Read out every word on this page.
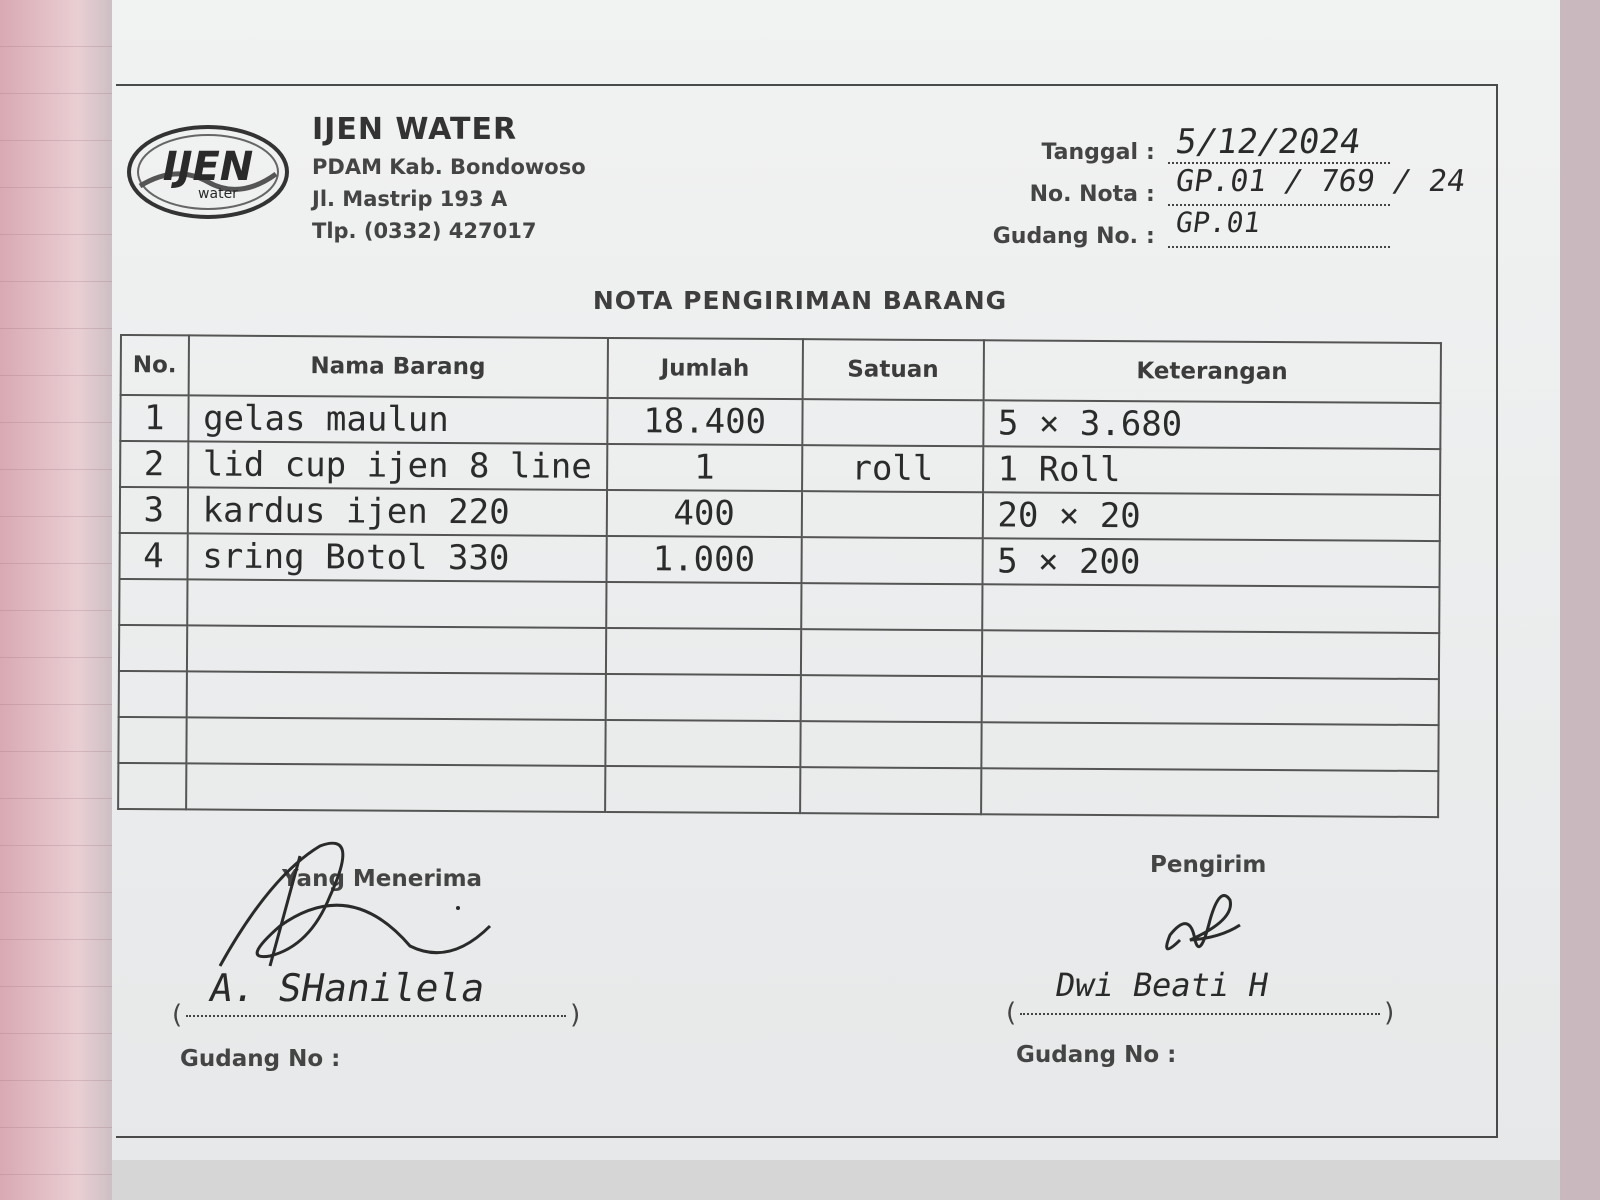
IJEN
water
IJEN WATER
PDAM Kab. Bondowoso
Jl. Mastrip 193 A
Tlp. (0332) 427017
Tanggal : 5/12/2024
No. Nota : GP.01 / 769 / 24
Gudang No. : GP.01
NOTA PENGIRIMAN BARANG
No.	Nama Barang	Jumlah	Satuan	Keterangan
1	gelas maulun	18.400		5 × 3.680
2	lid cup ijen 8 line	1	roll	1 Roll
3	kardus ijen 220	400		20 × 20
4	sring Botol 330	1.000		5 × 200

Yang Menerima
A. SHanilela
(	)
Gudang No :
Pengirim
Dwi Beati H
(	)
Gudang No :
